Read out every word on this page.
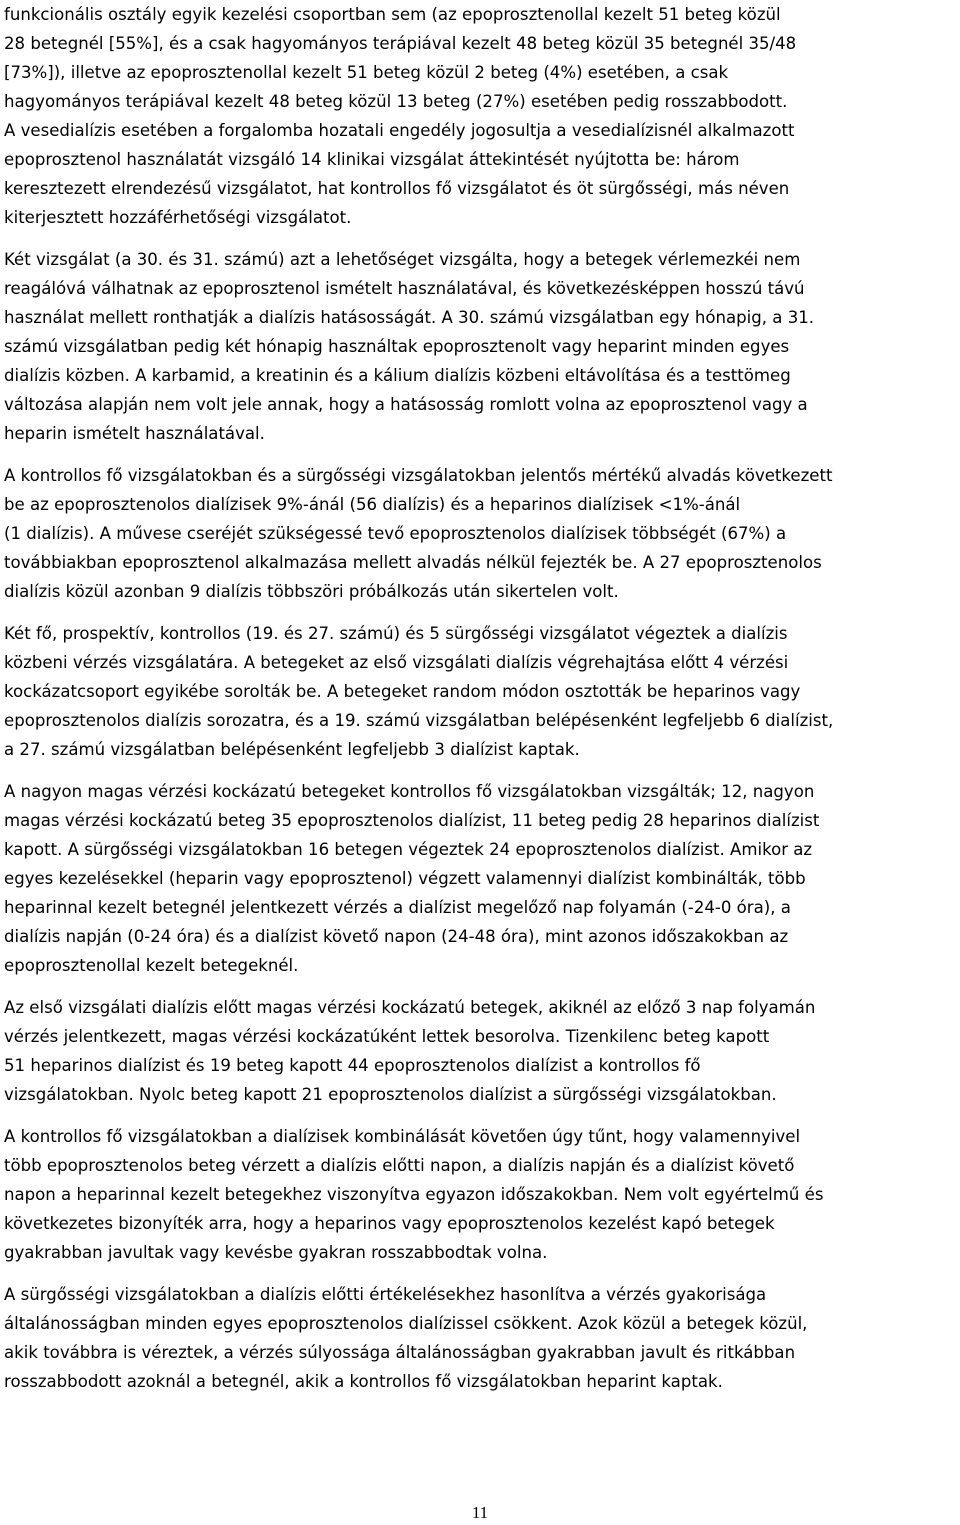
funkcionális osztály egyik kezelési csoportban sem (az epoprosztenollal kezelt 51 beteg közül
28 betegnél [55%], és a csak hagyományos terápiával kezelt 48 beteg közül 35 betegnél 35/48
[73%]), illetve az epoprosztenollal kezelt 51 beteg közül 2 beteg (4%) esetében, a csak
hagyományos terápiával kezelt 48 beteg közül 13 beteg (27%) esetében pedig rosszabbodott.
A vesedialízis esetében a forgalomba hozatali engedély jogosultja a vesedialízisnél alkalmazott
epoprosztenol használatát vizsgáló 14 klinikai vizsgálat áttekintését nyújtotta be: három
keresztezett elrendezésű vizsgálatot, hat kontrollos fő vizsgálatot és öt sürgősségi, más néven
kiterjesztett hozzáférhetőségi vizsgálatot.
Két vizsgálat (a 30. és 31. számú) azt a lehetőséget vizsgálta, hogy a betegek vérlemezkéi nem
reagálóvá válhatnak az epoprosztenol ismételt használatával, és következésképpen hosszú távú
használat mellett ronthatják a dialízis hatásosságát. A 30. számú vizsgálatban egy hónapig, a 31.
számú vizsgálatban pedig két hónapig használtak epoprosztenolt vagy heparint minden egyes
dialízis közben. A karbamid, a kreatinin és a kálium dialízis közbeni eltávolítása és a testtömeg
változása alapján nem volt jele annak, hogy a hatásosság romlott volna az epoprosztenol vagy a
heparin ismételt használatával.
A kontrollos fő vizsgálatokban és a sürgősségi vizsgálatokban jelentős mértékű alvadás következett
be az epoprosztenolos dialízisek 9%-ánál (56 dialízis) és a heparinos dialízisek <1%-ánál
(1 dialízis). A művese cseréjét szükségessé tevő epoprosztenolos dialízisek többségét (67%) a
továbbiakban epoprosztenol alkalmazása mellett alvadás nélkül fejezték be. A 27 epoprosztenolos
dialízis közül azonban 9 dialízis többszöri próbálkozás után sikertelen volt.
Két fő, prospektív, kontrollos (19. és 27. számú) és 5 sürgősségi vizsgálatot végeztek a dialízis
közbeni vérzés vizsgálatára. A betegeket az első vizsgálati dialízis végrehajtása előtt 4 vérzési
kockázatcsoport egyikébe sorolták be. A betegeket random módon osztották be heparinos vagy
epoprosztenolos dialízis sorozatra, és a 19. számú vizsgálatban belépésenként legfeljebb 6 dialízist,
a 27. számú vizsgálatban belépésenként legfeljebb 3 dialízist kaptak.
A nagyon magas vérzési kockázatú betegeket kontrollos fő vizsgálatokban vizsgálták; 12, nagyon
magas vérzési kockázatú beteg 35 epoprosztenolos dialízist, 11 beteg pedig 28 heparinos dialízist
kapott. A sürgősségi vizsgálatokban 16 betegen végeztek 24 epoprosztenolos dialízist. Amikor az
egyes kezelésekkel (heparin vagy epoprosztenol) végzett valamennyi dialízist kombinálták, több
heparinnal kezelt betegnél jelentkezett vérzés a dialízist megelőző nap folyamán (-24-0 óra), a
dialízis napján (0-24 óra) és a dialízist követő napon (24-48 óra), mint azonos időszakokban az
epoprosztenollal kezelt betegeknél.
Az első vizsgálati dialízis előtt magas vérzési kockázatú betegek, akiknél az előző 3 nap folyamán
vérzés jelentkezett, magas vérzési kockázatúként lettek besorolva. Tizenkilenc beteg kapott
51 heparinos dialízist és 19 beteg kapott 44 epoprosztenolos dialízist a kontrollos fő
vizsgálatokban. Nyolc beteg kapott 21 epoprosztenolos dialízist a sürgősségi vizsgálatokban.
A kontrollos fő vizsgálatokban a dialízisek kombinálását követően úgy tűnt, hogy valamennyivel
több epoprosztenolos beteg vérzett a dialízis előtti napon, a dialízis napján és a dialízist követő
napon a heparinnal kezelt betegekhez viszonyítva egyazon időszakokban. Nem volt egyértelmű és
következetes bizonyíték arra, hogy a heparinos vagy epoprosztenolos kezelést kapó betegek
gyakrabban javultak vagy kevésbe gyakran rosszabbodtak volna.
A sürgősségi vizsgálatokban a dialízis előtti értékelésekhez hasonlítva a vérzés gyakorisága
általánosságban minden egyes epoprosztenolos dialízissel csökkent. Azok közül a betegek közül,
akik továbbra is véreztek, a vérzés súlyossága általánosságban gyakrabban javult és ritkábban
rosszabbodott azoknál a betegnél, akik a kontrollos fő vizsgálatokban heparint kaptak.
11
